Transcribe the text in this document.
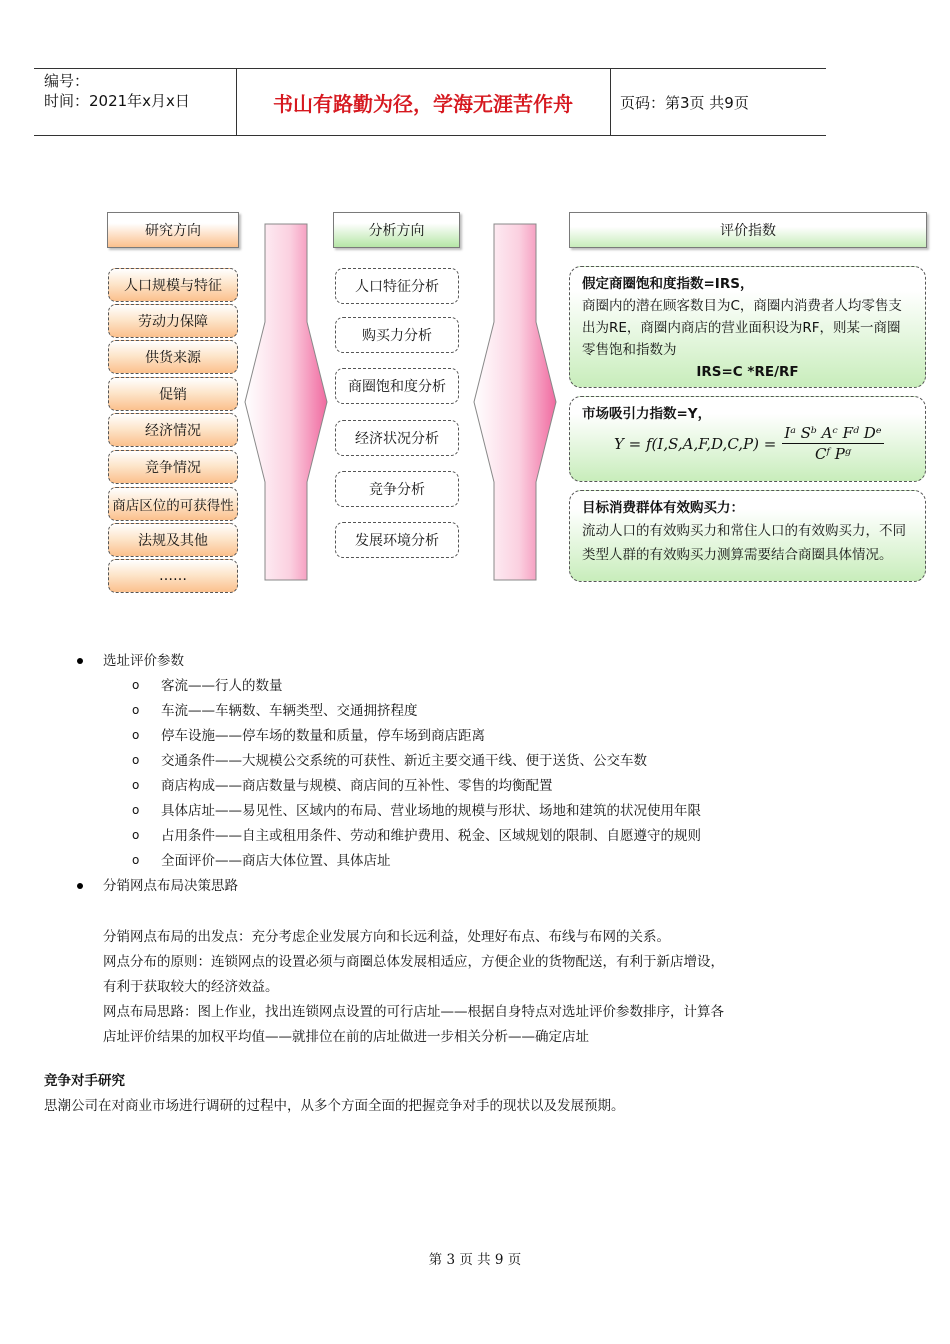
编号：
时间：2021年x月x日	书山有路勤为径，学海无涯苦作舟	页码：第3页 共9页
研究方向
人口规模与特征
劳动力保障
供货来源
促销
经济情况
竞争情况
商店区位的可获得性
法规及其他
……
分析方向
人口特征分析
购买力分析
商圈饱和度分析
经济状况分析
竞争分析
发展环境分析
评价指数
假定商圈饱和度指数=IRS，
商圈内的潜在顾客数目为C，商圈内消费者人均零售支出为RE，商圈内商店的营业面积设为RF，则某一商圈零售饱和指数为
IRS=C *RE/RF
市场吸引力指数=Y，
$Y = f(I,S,A,F,D,C,P) = \frac{\text{Iᵃ Sᵇ Aᶜ Fᵈ Dᵉ}}{\text{Cᶠ Pᵍ}}$
目标消费群体有效购买力：
流动人口的有效购买力和常住人口的有效购买力，不同类型人群的有效购买力测算需要结合商圈具体情况。
选址评价参数
o 客流——行人的数量
o 车流——车辆数、车辆类型、交通拥挤程度
o 停车设施——停车场的数量和质量，停车场到商店距离
o 交通条件——大规模公交系统的可获性、新近主要交通干线、便于送货、公交车数
o 商店构成——商店数量与规模、商店间的互补性、零售的均衡配置
o 具体店址——易见性、区域内的布局、营业场地的规模与形状、场地和建筑的状况使用年限
o 占用条件——自主或租用条件、劳动和维护费用、税金、区域规划的限制、自愿遵守的规则
o 全面评价——商店大体位置、具体店址
分销网点布局决策思路
分销网点布局的出发点：充分考虑企业发展方向和长远利益，处理好布点、布线与布网的关系。
网点分布的原则：连锁网点的设置必须与商圈总体发展相适应，方便企业的货物配送，有利于新店增设，
有利于获取较大的经济效益。
网点布局思路：图上作业，找出连锁网点设置的可行店址——根据自身特点对选址评价参数排序，计算各
店址评价结果的加权平均值——就排位在前的店址做进一步相关分析——确定店址
竞争对手研究
思潮公司在对商业市场进行调研的过程中，从多个方面全面的把握竞争对手的现状以及发展预期。
第 3 页 共 9 页
